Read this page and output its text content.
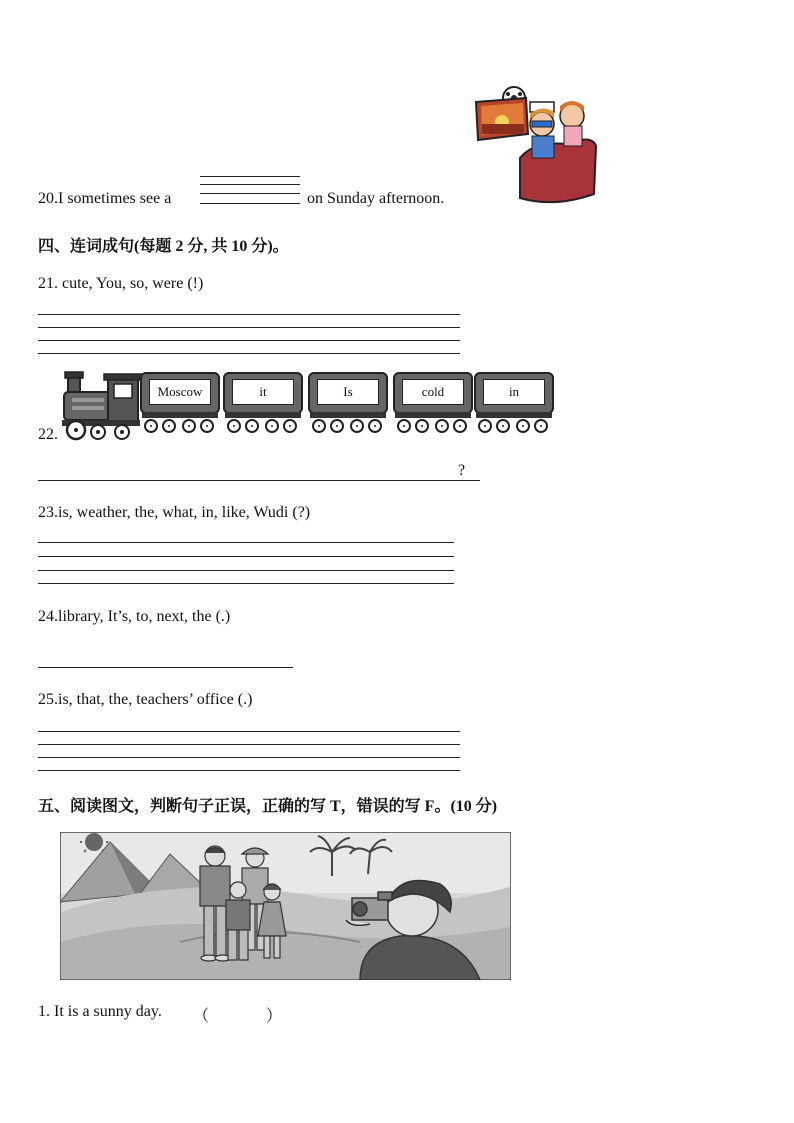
20.I sometimes see a	on Sunday afternoon.
四、连词成句(每题 2 分, 共 10 分)。
21. cute, You, so, were (!)
22.
Moscow	it	Is	cold	in
?
23.is, weather, the, what, in, like, Wudi (?)
24.library, It’s, to, next, the (.)
25.is, that, the, teachers’ office (.)
五、阅读图文，判断句子正误，正确的写 T，错误的写 F。(10 分)
1. It is a sunny day. （	）
